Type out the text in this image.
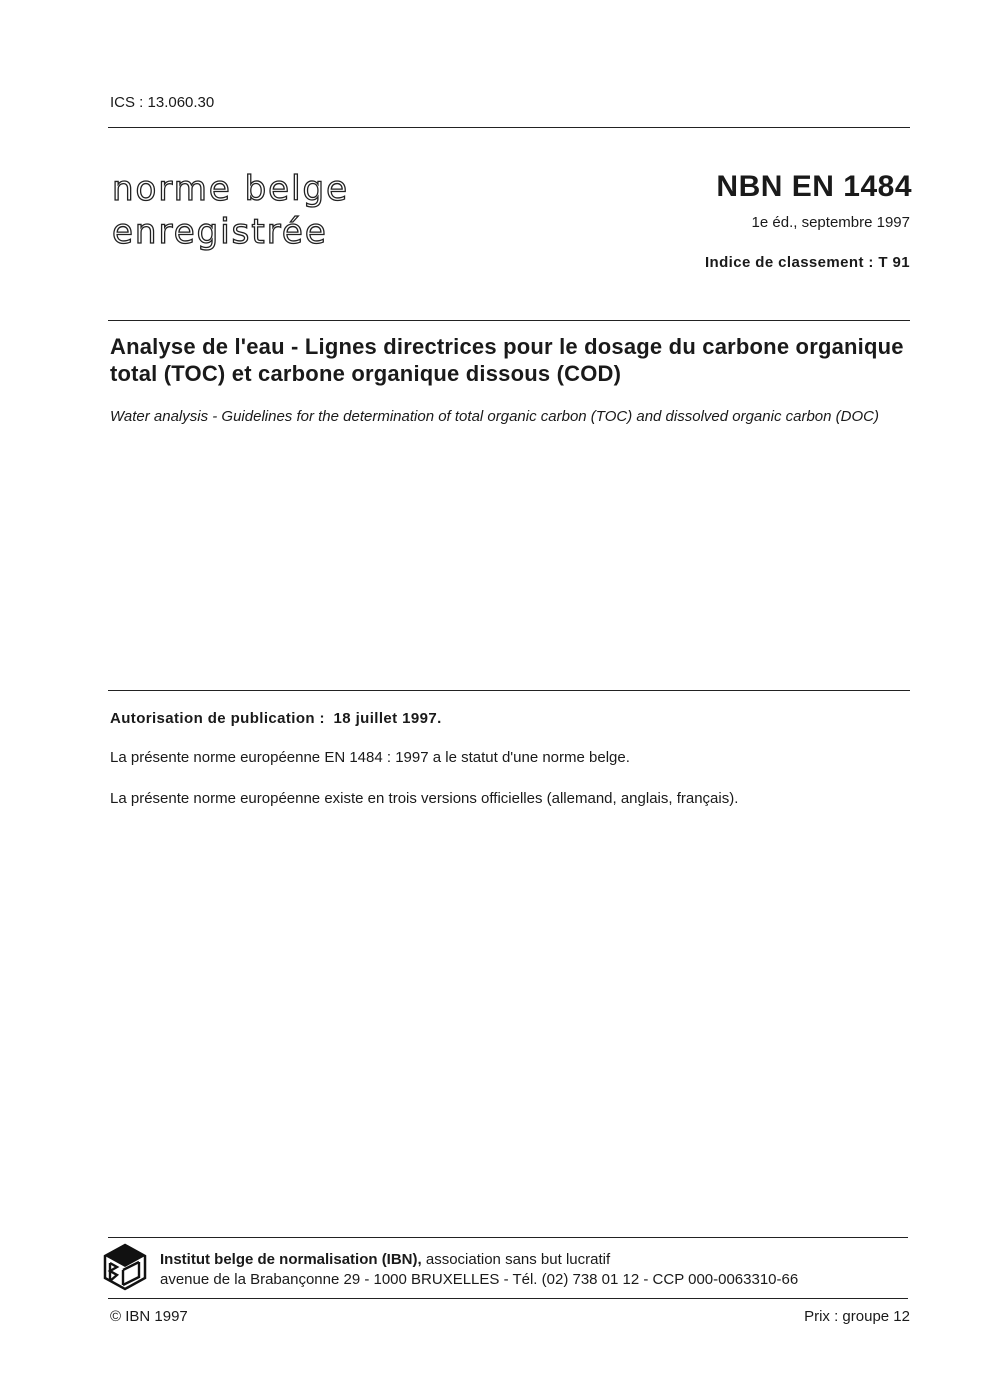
ICS : 13.060.30
norme belge
enregistrée
NBN EN 1484
1e éd., septembre 1997
Indice de classement : T 91
Analyse de l'eau - Lignes directrices pour le dosage du carbone organique total (TOC) et carbone organique dissous (COD)
Water analysis - Guidelines for the determination of total organic carbon (TOC) and dissolved organic carbon (DOC)
Autorisation de publication : 18 juillet 1997.
La présente norme européenne EN 1484 : 1997 a le statut d'une norme belge.
La présente norme européenne existe en trois versions officielles (allemand, anglais, français).
Institut belge de normalisation (IBN), association sans but lucratif
avenue de la Brabançonne 29 - 1000 BRUXELLES - Tél. (02) 738 01 12 - CCP 000-0063310-66
© IBN 1997	Prix : groupe 12
